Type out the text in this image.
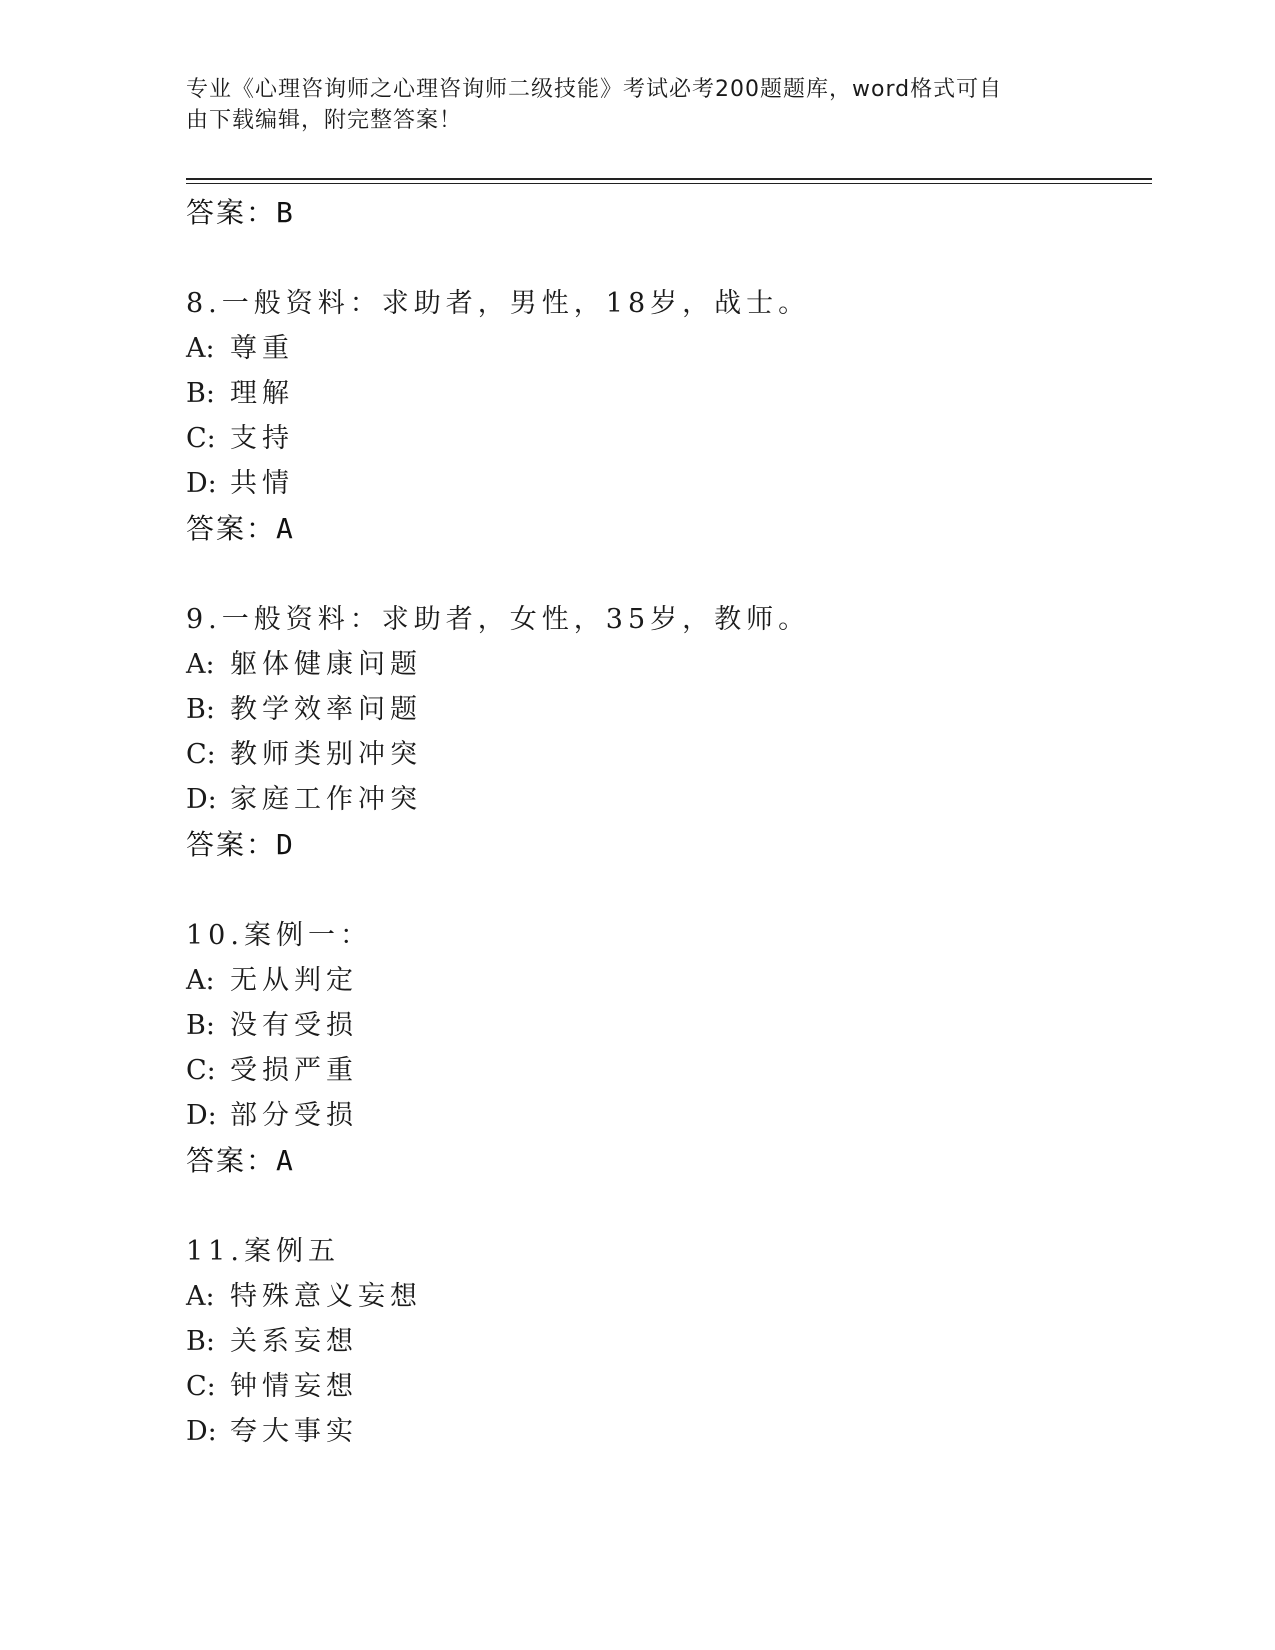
专业《心理咨询师之心理咨询师二级技能》考试必考200题题库，word格式可自
由下载编辑，附完整答案！
答案：B
8.一般资料：求助者，男性，18岁，战士。
A: 尊重
B: 理解
C: 支持
D: 共情
答案：A
9.一般资料：求助者，女性，35岁，教师。
A: 躯体健康问题
B: 教学效率问题
C: 教师类别冲突
D: 家庭工作冲突
答案：D
10.案例一：
A: 无从判定
B: 没有受损
C: 受损严重
D: 部分受损
答案：A
11.案例五
A: 特殊意义妄想
B: 关系妄想
C: 钟情妄想
D: 夸大事实
